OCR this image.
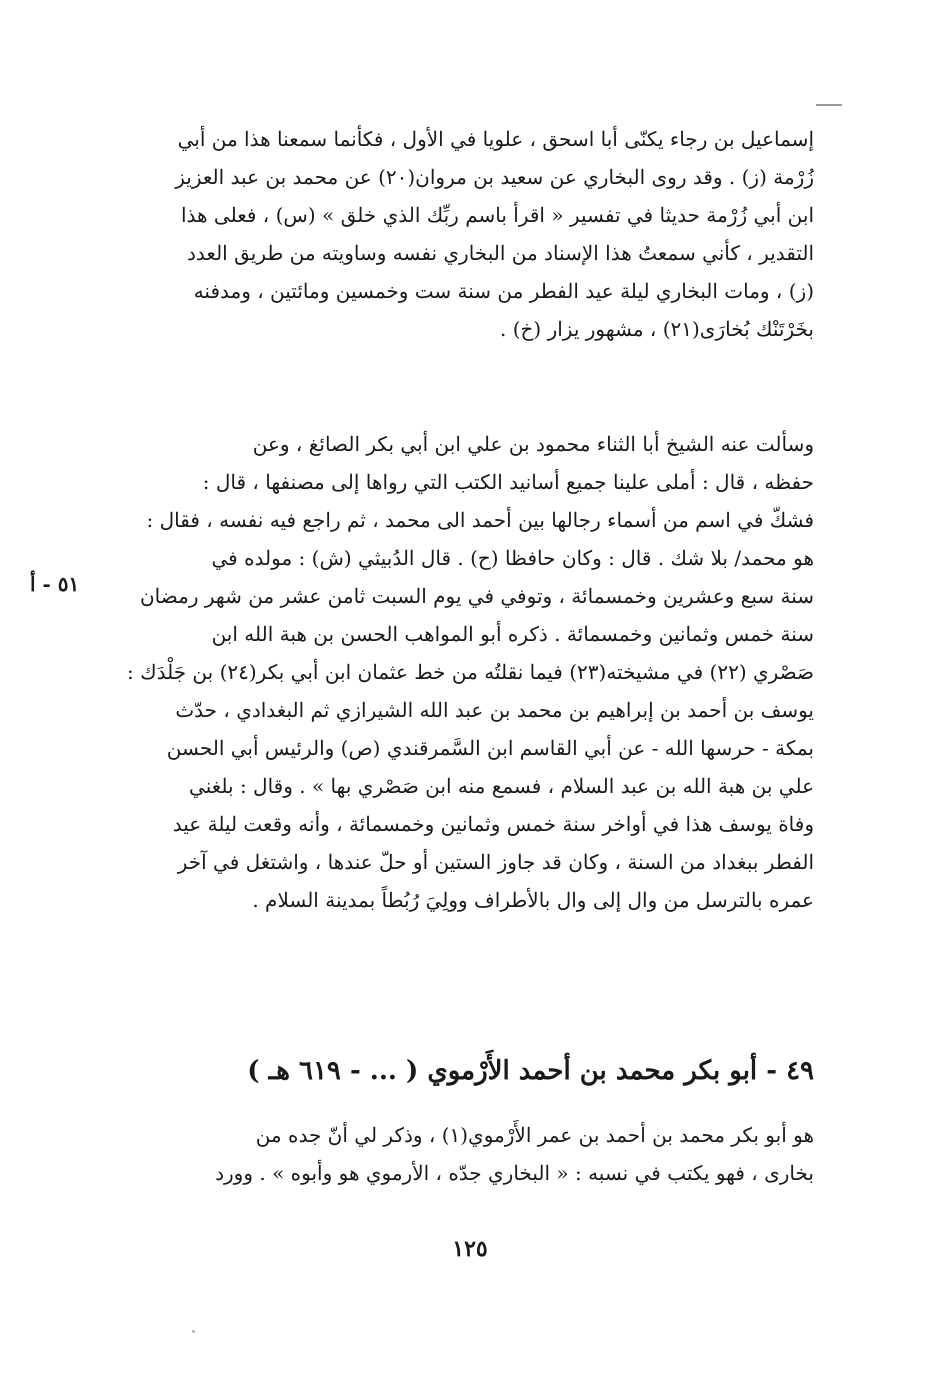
إسماعيل بن رجاء يكنّى أبا اسحق ، علويا في الأول ، فكأنما سمعنا هذا من أبي
زُرْمة (ز) . وقد روى البخاري عن سعيد بن مروان(٢٠) عن محمد بن عبد العزيز
ابن أبي زُرْمة حديثا في تفسير « اقرأ باسم ربِّك الذي خلق » (س) ، فعلى هذا
التقدير ، كأني سمعتُ هذا الإسناد من البخاري نفسه وساويته من طريق العدد
(ز) ، ومات البخاري ليلة عيد الفطر من سنة ست وخمسين ومائتين ، ومدفنه
بخَرْتَنْك بُخارَى(٢١) ، مشهور يزار (خ) .
وسألت عنه الشيخ أبا الثناء محمود بن علي ابن أبي بكر الصائغ ، وعن
حفظه ، قال : أملى علينا جميع أسانيد الكتب التي رواها إلى مصنفها ، قال :
فشكّ في اسم من أسماء رجالها بين أحمد الى محمد ، ثم راجع فيه نفسه ، فقال :
هو محمد/ بلا شك . قال : وكان حافظا (ح) . قال الدُبيثي (ش) : مولده في
سنة سبع وعشرين وخمسمائة ، وتوفي في يوم السبت ثامن عشر من شهر رمضان
سنة خمس وثمانين وخمسمائة . ذكره أبو المواهب الحسن بن هبة الله ابن
صَصْري (٢٢) في مشيخته(٢٣) فيما نقلتُه من خط عثمان ابن أبي بكر(٢٤) بن جَلْدَك :
يوسف بن أحمد بن إبراهيم بن محمد بن عبد الله الشيرازي ثم البغدادي ، حدّث
بمكة - حرسها الله - عن أبي القاسم ابن السَّمرقندي (ص) والرئيس أبي الحسن
علي بن هبة الله بن عبد السلام ، فسمع منه ابن صَصْري بها » . وقال : بلغني
وفاة يوسف هذا في أواخر سنة خمس وثمانين وخمسمائة ، وأنه وقعت ليلة عيد
الفطر ببغداد من السنة ، وكان قد جاوز الستين أو حلّ عندها ، واشتغل في آخر
عمره بالترسل من وال إلى وال بالأطراف وولِيَ رُبُطاً بمدينة السلام .
٥١ - أ
٤٩ - أبو بكر محمد بن أحمد الأَرْموي ( ... - ٦١٩ هـ )
هو أبو بكر محمد بن أحمد بن عمر الأَرْموي(١) ، وذكر لي أنّ جده من
بخارى ، فهو يكتب في نسبه : « البخاري جدّه ، الأرموي هو وأبوه » . وورد
١٢٥
